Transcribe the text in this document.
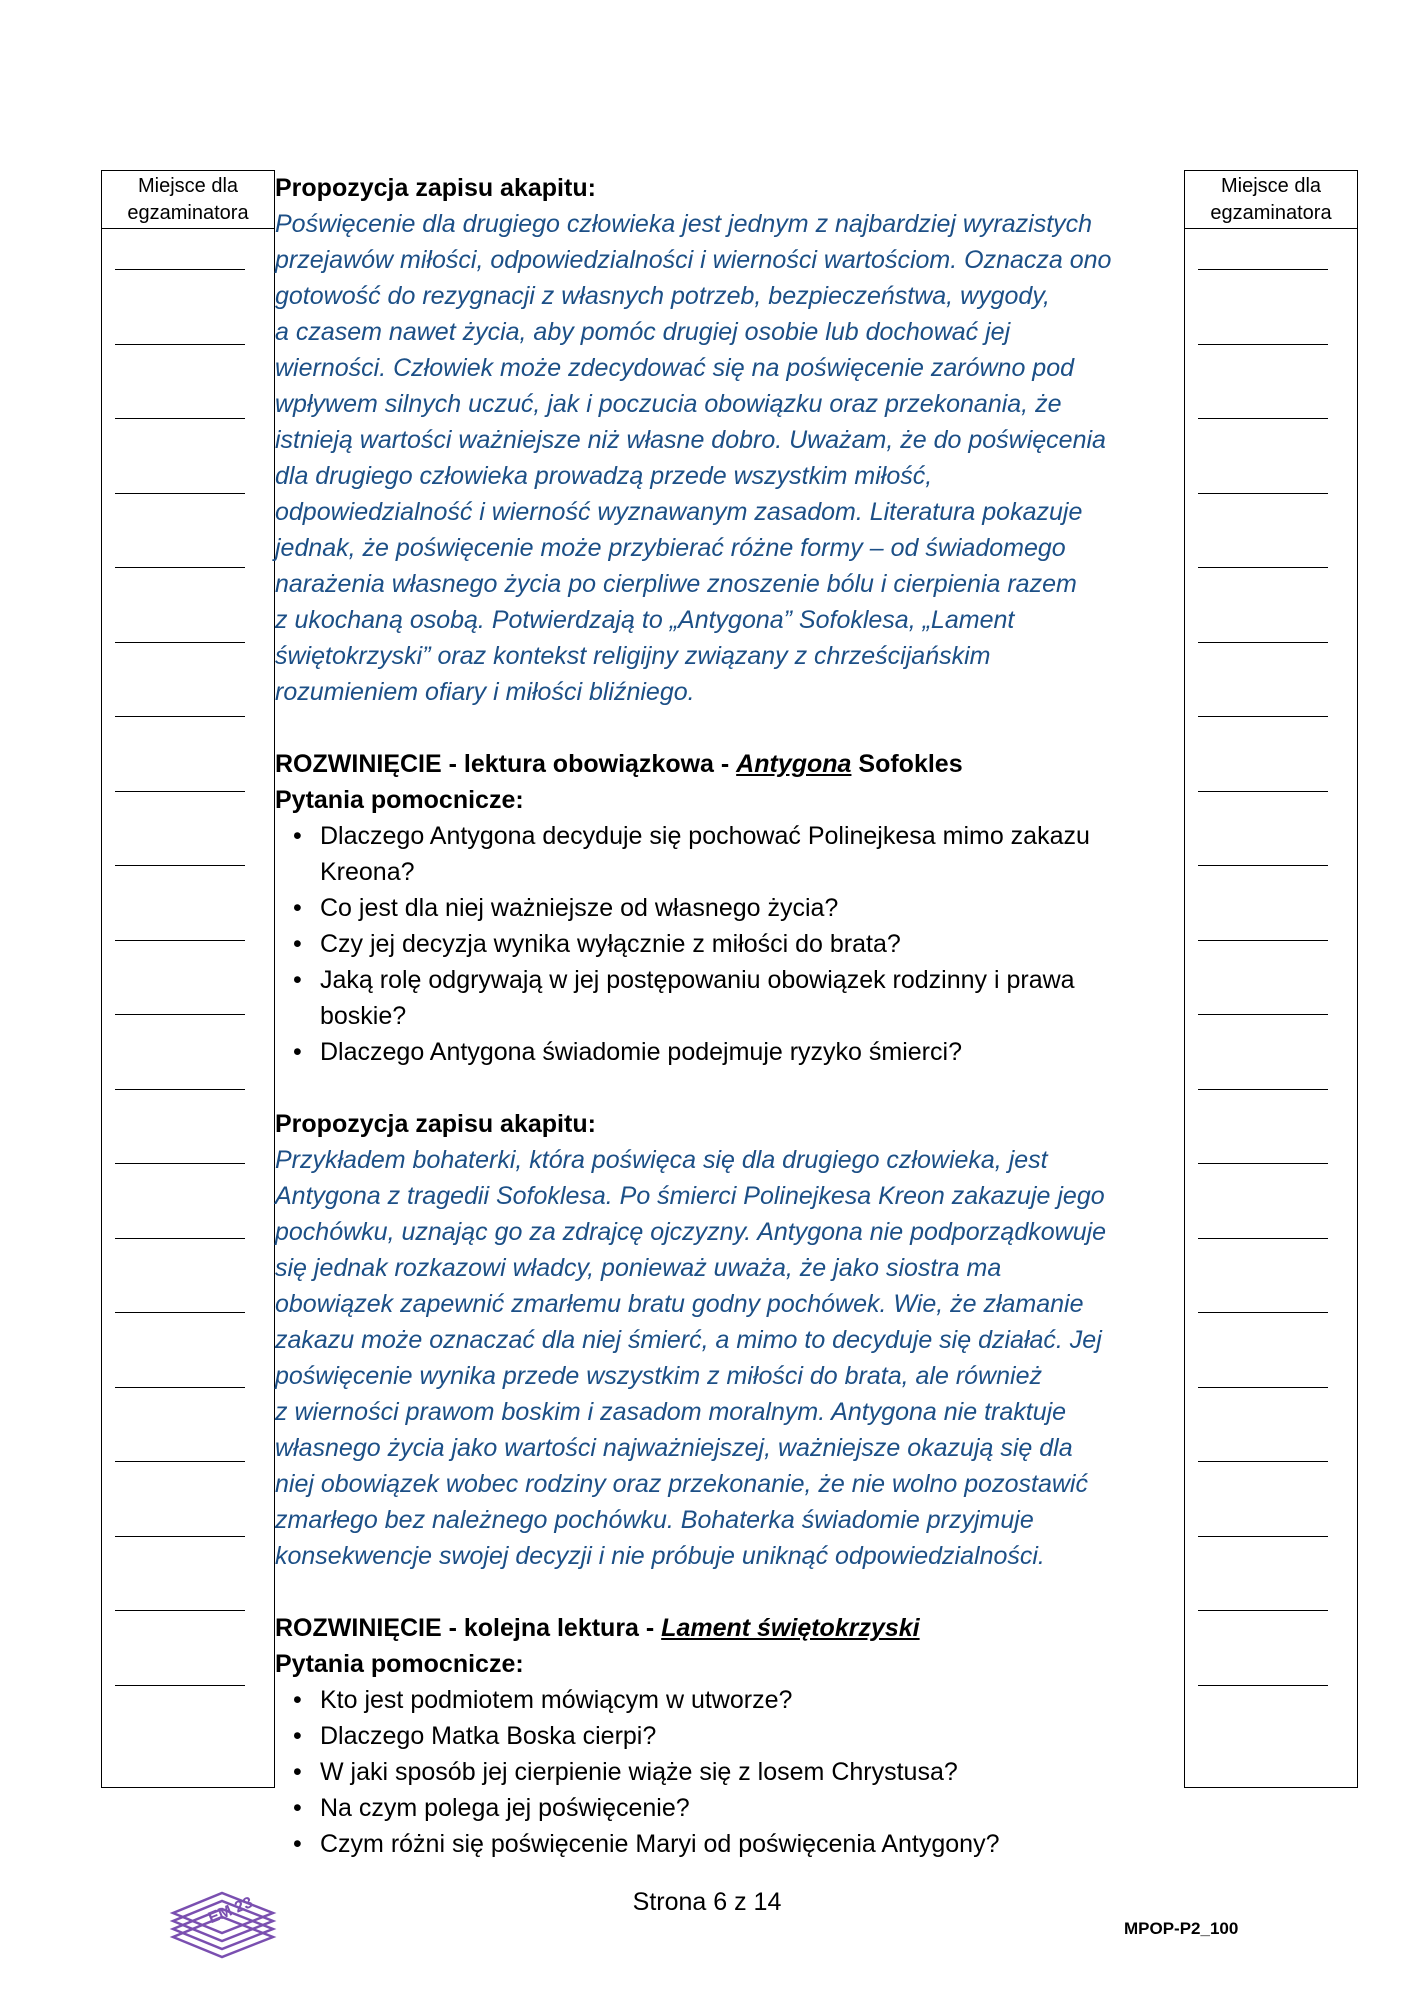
Miejsce dla
egzaminatora
Miejsce dla
egzaminatora
Propozycja zapisu akapitu:
Poświęcenie dla drugiego człowieka jest jednym z najbardziej wyrazistych
przejawów miłości, odpowiedzialności i wierności wartościom. Oznacza ono
gotowość do rezygnacji z własnych potrzeb, bezpieczeństwa, wygody,
a czasem nawet życia, aby pomóc drugiej osobie lub dochować jej
wierności. Człowiek może zdecydować się na poświęcenie zarówno pod
wpływem silnych uczuć, jak i poczucia obowiązku oraz przekonania, że
istnieją wartości ważniejsze niż własne dobro. Uważam, że do poświęcenia
dla drugiego człowieka prowadzą przede wszystkim miłość,
odpowiedzialność i wierność wyznawanym zasadom. Literatura pokazuje
jednak, że poświęcenie może przybierać różne formy – od świadomego
narażenia własnego życia po cierpliwe znoszenie bólu i cierpienia razem
z ukochaną osobą. Potwierdzają to „Antygona” Sofoklesa, „Lament
świętokrzyski” oraz kontekst religijny związany z chrześcijańskim
rozumieniem ofiary i miłości bliźniego.
ROZWINIĘCIE - lektura obowiązkowa - Antygona Sofokles
Pytania pomocnicze:
• Dlaczego Antygona decyduje się pochować Polinejkesa mimo zakazu
Kreona?
• Co jest dla niej ważniejsze od własnego życia?
• Czy jej decyzja wynika wyłącznie z miłości do brata?
• Jaką rolę odgrywają w jej postępowaniu obowiązek rodzinny i prawa
boskie?
• Dlaczego Antygona świadomie podejmuje ryzyko śmierci?
Propozycja zapisu akapitu:
Przykładem bohaterki, która poświęca się dla drugiego człowieka, jest
Antygona z tragedii Sofoklesa. Po śmierci Polinejkesa Kreon zakazuje jego
pochówku, uznając go za zdrajcę ojczyzny. Antygona nie podporządkowuje
się jednak rozkazowi władcy, ponieważ uważa, że jako siostra ma
obowiązek zapewnić zmarłemu bratu godny pochówek. Wie, że złamanie
zakazu może oznaczać dla niej śmierć, a mimo to decyduje się działać. Jej
poświęcenie wynika przede wszystkim z miłości do brata, ale również
z wierności prawom boskim i zasadom moralnym. Antygona nie traktuje
własnego życia jako wartości najważniejszej, ważniejsze okazują się dla
niej obowiązek wobec rodziny oraz przekonanie, że nie wolno pozostawić
zmarłego bez należnego pochówku. Bohaterka świadomie przyjmuje
konsekwencje swojej decyzji i nie próbuje uniknąć odpowiedzialności.
ROZWINIĘCIE - kolejna lektura - Lament świętokrzyski
Pytania pomocnicze:
• Kto jest podmiotem mówiącym w utworze?
• Dlaczego Matka Boska cierpi?
• W jaki sposób jej cierpienie wiąże się z losem Chrystusa?
• Na czym polega jej poświęcenie?
• Czym różni się poświęcenie Maryi od poświęcenia Antygony?
EM 23	Strona 6 z 14
MPOP-P2_100
